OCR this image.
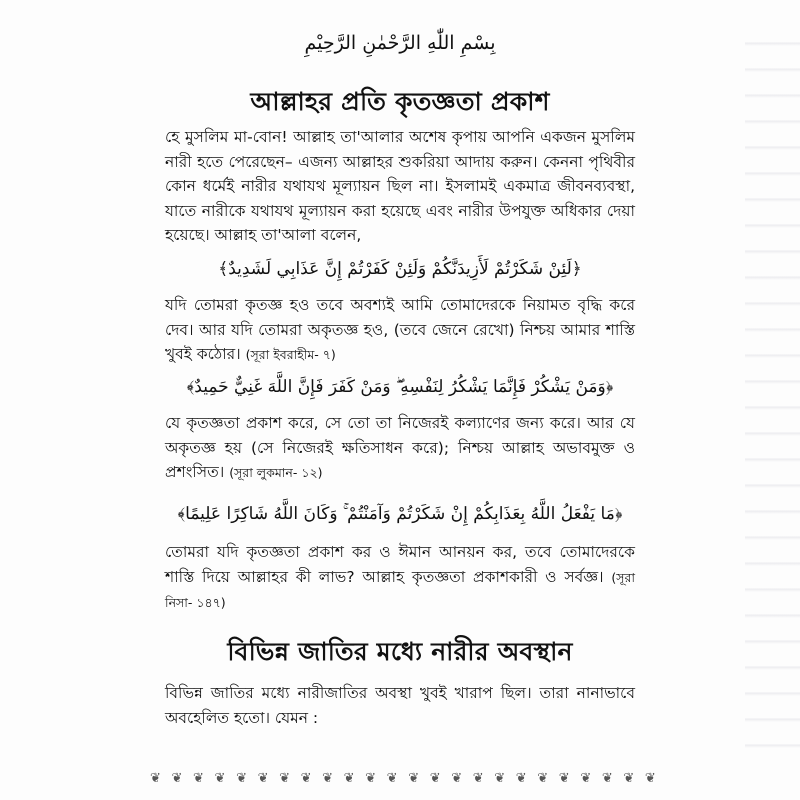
بِسْمِ اللّٰهِ الرَّحْمٰنِ الرَّحِيْمِ
আল্লাহর প্রতি কৃতজ্ঞতা প্রকাশ
হে মুসলিম মা-বোন! আল্লাহ তা'আলার অশেষ কৃপায় আপনি একজন মুসলিম নারী হতে পেরেছেন– এজন্য আল্লাহর শুকরিয়া আদায় করুন। কেননা পৃথিবীর কোন ধর্মেই নারীর যথাযথ মূল্যায়ন ছিল না। ইসলামই একমাত্র জীবনব্যবস্থা, যাতে নারীকে যথাযথ মূল্যায়ন করা হয়েছে এবং নারীর উপযুক্ত অধিকার দেয়া হয়েছে। আল্লাহ তা'আলা বলেন,
﴿لَئِنْ شَكَرْتُمْ لَأَزِيدَنَّكُمْ وَلَئِنْ كَفَرْتُمْ إِنَّ عَذَابِي لَشَدِيدٌ﴾
যদি তোমরা কৃতজ্ঞ হও তবে অবশ্যই আমি তোমাদেরকে নিয়ামত বৃদ্ধি করে দেব। আর যদি তোমরা অকৃতজ্ঞ হও, (তবে জেনে রেখো) নিশ্চয় আমার শাস্তি খুবই কঠোর। (সূরা ইবরাহীম- ৭)
﴿وَمَنْ يَشْكُرْ فَإِنَّمَا يَشْكُرُ لِنَفْسِهِ ۖ وَمَنْ كَفَرَ فَإِنَّ اللَّهَ غَنِيٌّ حَمِيدٌ﴾
যে কৃতজ্ঞতা প্রকাশ করে, সে তো তা নিজেরই কল্যাণের জন্য করে। আর যে অকৃতজ্ঞ হয় (সে নিজেরই ক্ষতিসাধন করে); নিশ্চয় আল্লাহ অভাবমুক্ত ও প্রশংসিত। (সূরা লুকমান- ১২)
﴿مَا يَفْعَلُ اللَّهُ بِعَذَابِكُمْ إِنْ شَكَرْتُمْ وَآمَنْتُمْ ۚ وَكَانَ اللَّهُ شَاكِرًا عَلِيمًا﴾
তোমরা যদি কৃতজ্ঞতা প্রকাশ কর ও ঈমান আনয়ন কর, তবে তোমাদেরকে শাস্তি দিয়ে আল্লাহর কী লাভ? আল্লাহ কৃতজ্ঞতা প্রকাশকারী ও সর্বজ্ঞ। (সূরা নিসা- ১৪৭)
বিভিন্ন জাতির মধ্যে নারীর অবস্থান
বিভিন্ন জাতির মধ্যে নারীজাতির অবস্থা খুবই খারাপ ছিল। তারা নানাভাবে অবহেলিত হতো। যেমন :
❦ ❦ ❦ ❦ ❦ ❦ ❦ ❦ ❦ ❦ ❦ ❦ ❦ ❦ ❦ ❦ ❦ ❦ ❦ ❦ ❦ ❦ ❦ ❦
